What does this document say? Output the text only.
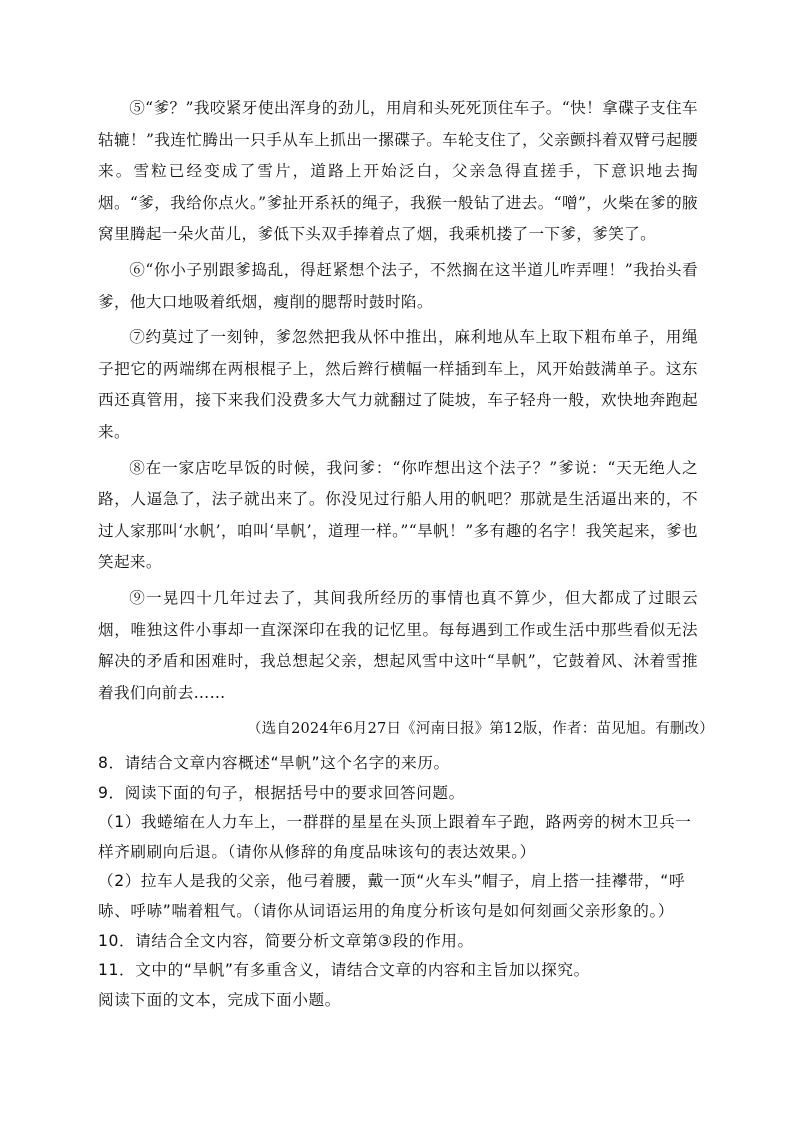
⑤“爹？”我咬紧牙使出浑身的劲儿，用肩和头死死顶住车子。“快！拿碟子支住车轱辘！”我连忙腾出一只手从车上抓出一摞碟子。车轮支住了，父亲颤抖着双臂弓起腰来。雪粒已经变成了雪片，道路上开始泛白，父亲急得直搓手，下意识地去掏烟。“爹，我给你点火。”爹扯开系袄的绳子，我猴一般钻了进去。“噌”，火柴在爹的腋窝里腾起一朵火苗儿，爹低下头双手捧着点了烟，我乘机搂了一下爹，爹笑了。

⑥“你小子别跟爹捣乱，得赶紧想个法子，不然搁在这半道儿咋弄哩！”我抬头看爹，他大口地吸着纸烟，瘦削的腮帮时鼓时陷。

⑦约莫过了一刻钟，爹忽然把我从怀中推出，麻利地从车上取下粗布单子，用绳子把它的两端绑在两根棍子上，然后辫行横幅一样插到车上，风开始鼓满单子。这东西还真管用，接下来我们没费多大气力就翻过了陡坡，车子轻舟一般，欢快地奔跑起来。

⑧在一家店吃早饭的时候，我问爹：“你咋想出这个法子？”爹说：“天无绝人之路，人逼急了，法子就出来了。你没见过行船人用的帆吧？那就是生活逼出来的，不过人家那叫‘水帆’，咱叫‘旱帆’，道理一样。”“旱帆！”多有趣的名字！我笑起来，爹也笑起来。

⑨一晃四十几年过去了，其间我所经历的事情也真不算少，但大都成了过眼云烟，唯独这件小事却一直深深印在我的记忆里。每每遇到工作或生活中那些看似无法解决的矛盾和困难时，我总想起父亲，想起风雪中这叶“旱帆”，它鼓着风、沐着雪推着我们向前去……

（选自2024年6月27日《河南日报》第12版，作者：苗见旭。有删改）

8．请结合文章内容概述“旱帆”这个名字的来历。

9．阅读下面的句子，根据括号中的要求回答问题。

（1）我蜷缩在人力车上，一群群的星星在头顶上跟着车子跑，路两旁的树木卫兵一样齐刷刷向后退。（请你从修辞的角度品味该句的表达效果。）

（2）拉车人是我的父亲，他弓着腰，戴一顶“火车头”帽子，肩上搭一挂襻带，“呼哧、呼哧”喘着粗气。（请你从词语运用的角度分析该句是如何刻画父亲形象的。）

10．请结合全文内容，简要分析文章第③段的作用。

11．文中的“旱帆”有多重含义，请结合文章的内容和主旨加以探究。

阅读下面的文本，完成下面小题。
